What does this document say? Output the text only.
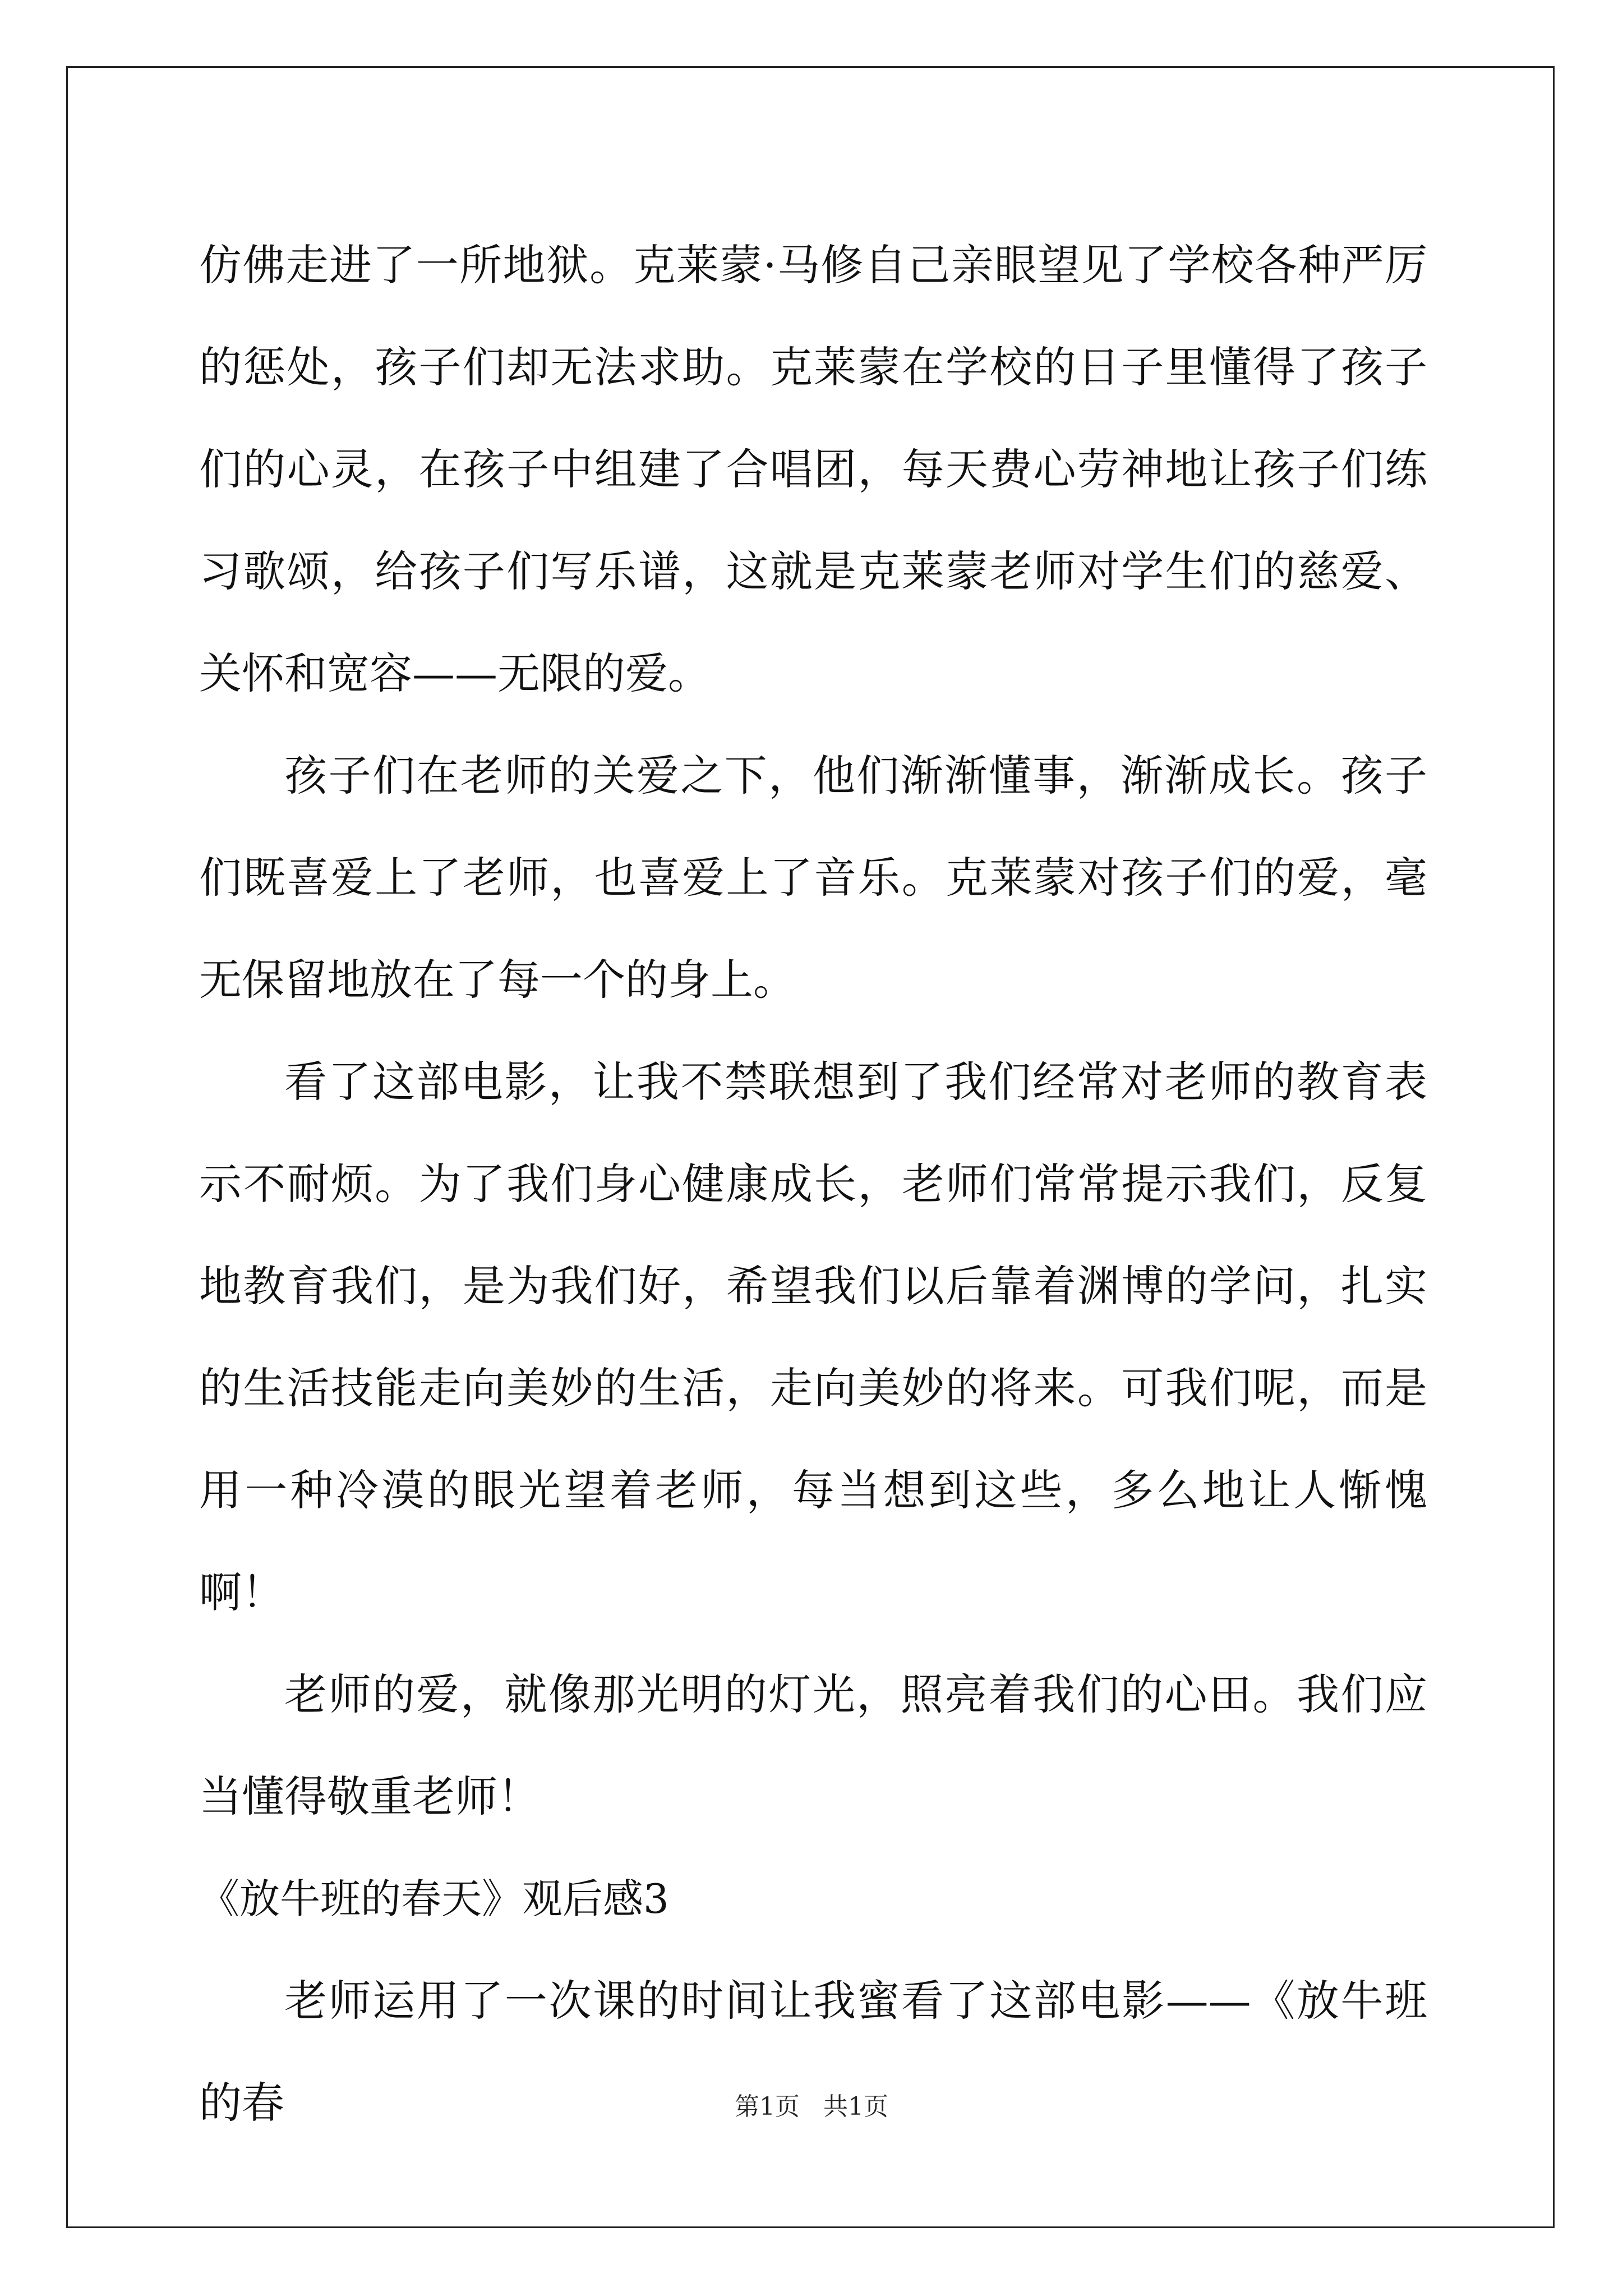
仿佛走进了一所地狱。克莱蒙·马修自己亲眼望见了学校各种严厉的惩处，孩子们却无法求助。克莱蒙在学校的日子里懂得了孩子们的心灵，在孩子中组建了合唱团，每天费心劳神地让孩子们练习歌颂，给孩子们写乐谱，这就是克莱蒙老师对学生们的慈爱、关怀和宽容——无限的爱。

孩子们在老师的关爱之下，他们渐渐懂事，渐渐成长。孩子们既喜爱上了老师，也喜爱上了音乐。克莱蒙对孩子们的爱，毫无保留地放在了每一个的身上。

看了这部电影，让我不禁联想到了我们经常对老师的教育表示不耐烦。为了我们身心健康成长，老师们常常提示我们，反复地教育我们，是为我们好，希望我们以后靠着渊博的学问，扎实的生活技能走向美妙的生活，走向美妙的将来。可我们呢，而是用一种冷漠的眼光望着老师，每当想到这些，多么地让人惭愧啊！

老师的爱，就像那光明的灯光，照亮着我们的心田。我们应当懂得敬重老师！

《放牛班的春天》观后感3

老师运用了一次课的时间让我蜜看了这部电影——《放牛班的春	第1页   共1页
